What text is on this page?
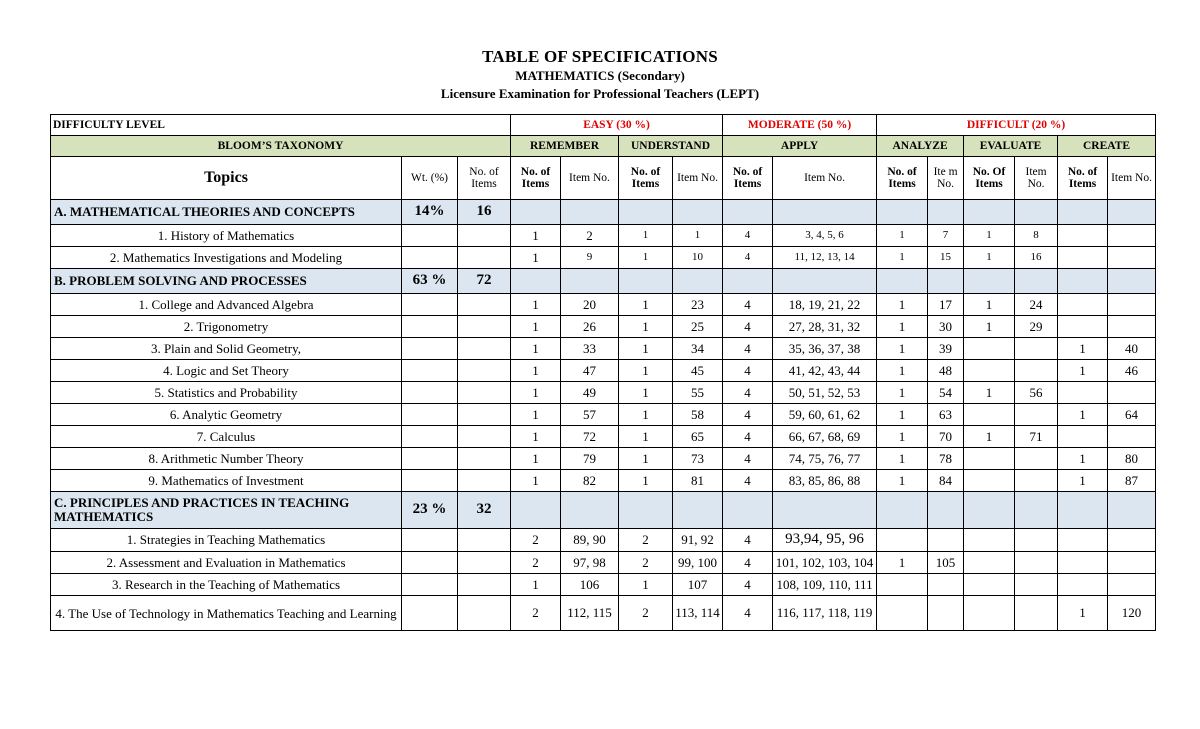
TABLE OF SPECIFICATIONS
MATHEMATICS (Secondary)
Licensure Examination for Professional Teachers (LEPT)
DIFFICULTY LEVEL			EASY (30 %)				MODERATE (50 %)		DIFFICULT (20 %)					
BLOOM’S TAXONOMY			REMEMBER		UNDERSTAND		APPLY		ANALYZE		EVALUATE		CREATE	
Topics	Wt. (%)	No. of Items	No. of Items	Item No.	No. of Items	Item No.	No. of Items	Item No.	No. of Items	Ite m No.	No. Of Items	Item No.	No. of Items	Item No.
A. MATHEMATICAL THEORIES AND CONCEPTS	14%	16												
1. History of Mathematics			1	2	1	1	4	3, 4, 5, 6	1	7	1	8		
2. Mathematics Investigations and Modeling			1	9	1	10	4	11, 12, 13, 14	1	15	1	16		
B. PROBLEM SOLVING AND PROCESSES	63 %	72												
1. College and Advanced Algebra			1	20	1	23	4	18, 19, 21, 22	1	17	1	24		
2. Trigonometry			1	26	1	25	4	27, 28, 31, 32	1	30	1	29		
3. Plain and Solid Geometry,			1	33	1	34	4	35, 36, 37, 38	1	39			1	40
4. Logic and Set Theory			1	47	1	45	4	41, 42, 43, 44	1	48			1	46
5. Statistics and Probability			1	49	1	55	4	50, 51, 52, 53	1	54	1	56		
6. Analytic Geometry			1	57	1	58	4	59, 60, 61, 62	1	63			1	64
7. Calculus			1	72	1	65	4	66, 67, 68, 69	1	70	1	71		
8. Arithmetic Number Theory			1	79	1	73	4	74, 75, 76, 77	1	78			1	80
9. Mathematics of Investment			1	82	1	81	4	83, 85, 86, 88	1	84			1	87
C. PRINCIPLES AND PRACTICES IN TEACHING MATHEMATICS	23 %	32												
1. Strategies in Teaching Mathematics			2	89, 90	2	91, 92	4	93,94, 95, 96						
2. Assessment and Evaluation in Mathematics			2	97, 98	2	99, 100	4	101, 102, 103, 104	1	105				
3. Research in the Teaching of Mathematics			1	106	1	107	4	108, 109, 110, 111						
4. The Use of Technology in Mathematics Teaching and Learning			2	112, 115	2	113, 114	4	116, 117, 118, 119					1	120
